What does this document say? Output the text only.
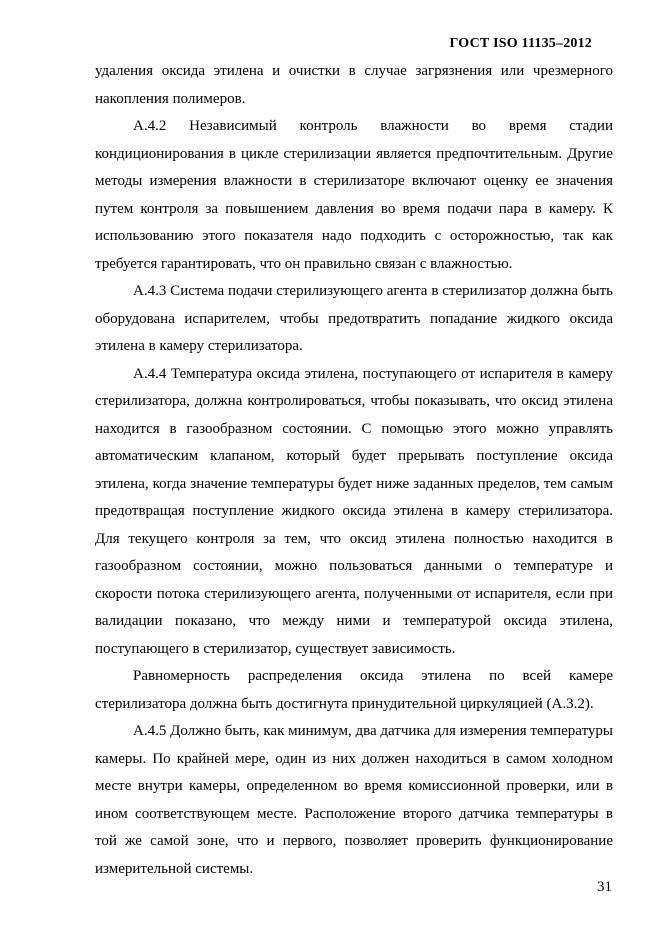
ГОСТ ISO 11135–2012

удаления оксида этилена и очистки в случае загрязнения или чрезмерного накопления полимеров.

А.4.2 Независимый контроль влажности во время стадии кондиционирования в цикле стерилизации является предпочтительным. Другие методы измерения влажности в стерилизаторе включают оценку ее значения путем контроля за повышением давления во время подачи пара в камеру. К использованию этого показателя надо подходить с осторожностью, так как требуется гарантировать, что он правильно связан с влажностью.

А.4.3 Система подачи стерилизующего агента в стерилизатор должна быть оборудована испарителем, чтобы предотвратить попадание жидкого оксида этилена в камеру стерилизатора.

А.4.4 Температура оксида этилена, поступающего от испарителя в камеру стерилизатора, должна контролироваться, чтобы показывать, что оксид этилена находится в газообразном состоянии. С помощью этого можно управлять автоматическим клапаном, который будет прерывать поступление оксида этилена, когда значение температуры будет ниже заданных пределов, тем самым предотвращая поступление жидкого оксида этилена в камеру стерилизатора. Для текущего контроля за тем, что оксид этилена полностью находится в газообразном состоянии, можно пользоваться данными о температуре и скорости потока стерилизующего агента, полученными от испарителя, если при валидации показано, что между ними и температурой оксида этилена, поступающего в стерилизатор, существует зависимость.

Равномерность распределения оксида этилена по всей камере стерилизатора должна быть достигнута принудительной циркуляцией (А.3.2).

А.4.5 Должно быть, как минимум, два датчика для измерения температуры камеры. По крайней мере, один из них должен находиться в самом холодном месте внутри камеры, определенном во время комиссионной проверки, или в ином соответствующем месте. Расположение второго датчика температуры в той же самой зоне, что и первого, позволяет проверить функционирование измерительной системы.

31
